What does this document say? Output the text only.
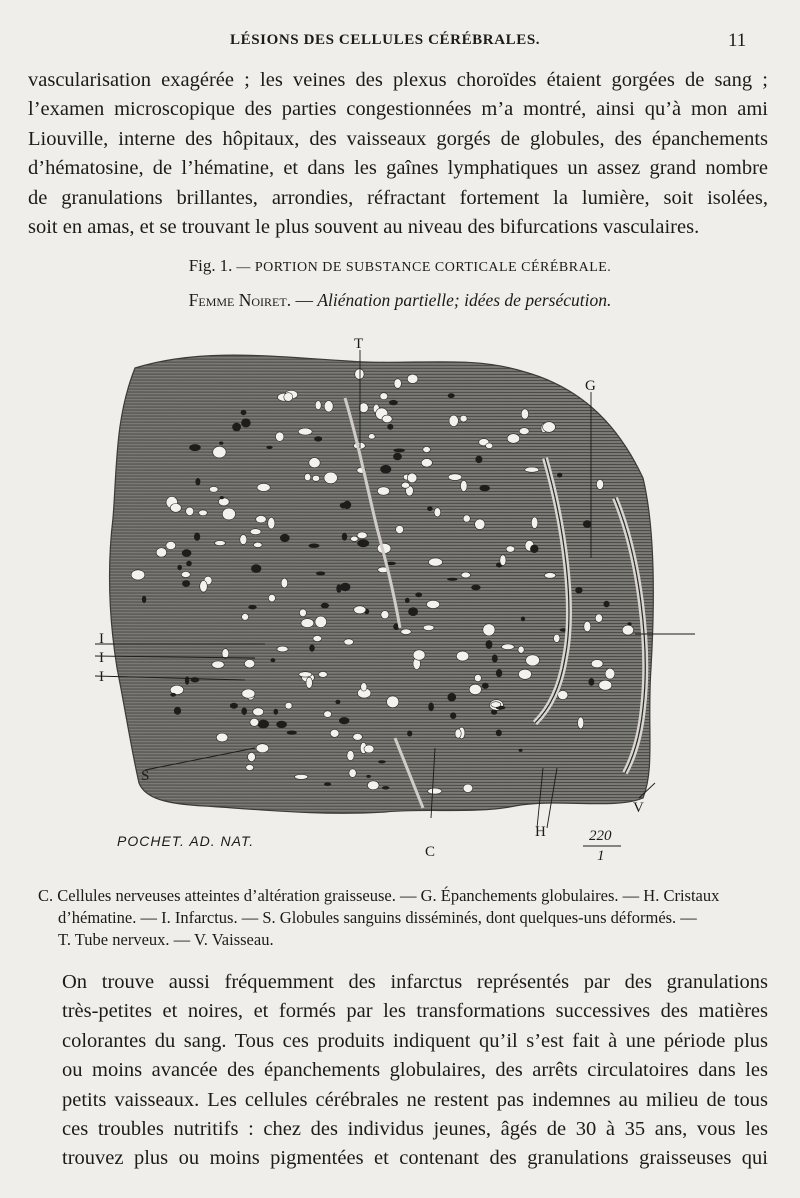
LÉSIONS DES CELLULES CÉRÉBRALES.	11
vascularisation exagérée ; les veines des plexus choroïdes étaient gorgées de sang ;
l’examen microscopique des parties congestionnées m’a montré, ainsi qu’à mon ami
Liouville, interne des hôpitaux, des vaisseaux gorgés de globules, des épanchements
d’hématosine, de l’hématine, et dans les gaînes lymphatiques un assez grand nombre
de granulations brillantes, arrondies, réfractant fortement la lumière, soit isolées,
soit en amas, et se trouvant le plus souvent au niveau des bifurcations vasculaires.
Fig. 1. — PORTION DE SUBSTANCE CORTICALE CÉRÉBRALE.
Femme Noiret. — Aliénation partielle; idées de persécution.
T
G
I
I
I
S
C
H
V
POCHET. AD. NAT.	220
1
C. Cellules nerveuses atteintes d’altération graisseuse. — G. Épanchements globulaires. — H. Cristaux
d’hématine. — I. Infarctus. — S. Globules sanguins disséminés, dont quelques-uns déformés. —
T. Tube nerveux. — V. Vaisseau.
On trouve aussi fréquemment des infarctus représentés par des granulations
très-petites et noires, et formés par les transformations successives des matières
colorantes du sang. Tous ces produits indiquent qu’il s’est fait à une période plus
ou moins avancée des épanchements globulaires, des arrêts circulatoires dans les
petits vaisseaux. Les cellules cérébrales ne restent pas indemnes au milieu de tous
ces troubles nutritifs : chez des individus jeunes, âgés de 30 à 35 ans, vous les
trouvez plus ou moins pigmentées et contenant des granulations graisseuses qui
